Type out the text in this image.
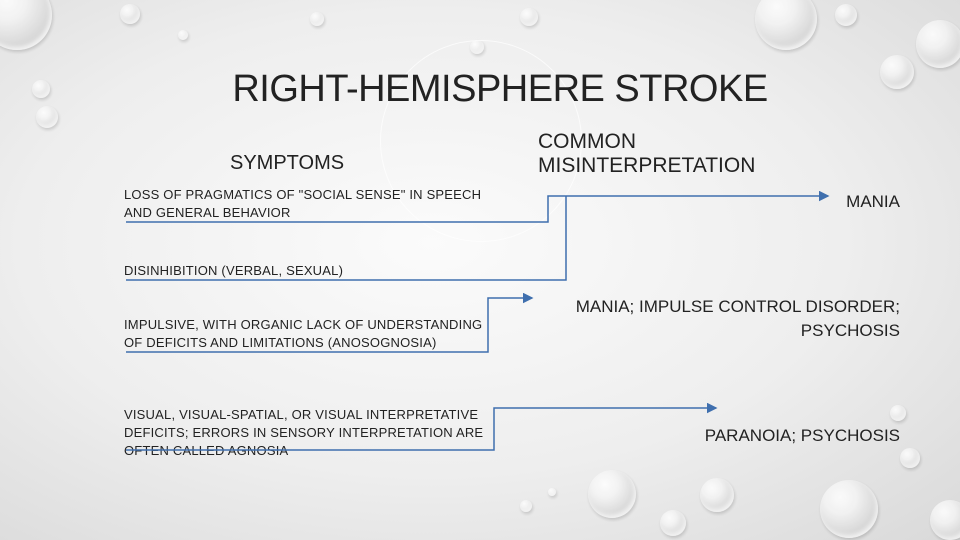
RIGHT-HEMISPHERE STROKE
SYMPTOMS
COMMON
MISINTERPRETATION
LOSS OF PRAGMATICS OF "SOCIAL SENSE" IN SPEECH AND GENERAL BEHAVIOR
DISINHIBITION (VERBAL, SEXUAL)
IMPULSIVE, WITH ORGANIC LACK OF UNDERSTANDING OF DEFICITS AND LIMITATIONS (ANOSOGNOSIA)
VISUAL, VISUAL-SPATIAL, OR VISUAL INTERPRETATIVE DEFICITS; ERRORS IN SENSORY INTERPRETATION ARE OFTEN CALLED AGNOSIA
MANIA
MANIA; IMPULSE CONTROL DISORDER; PSYCHOSIS
PARANOIA; PSYCHOSIS
